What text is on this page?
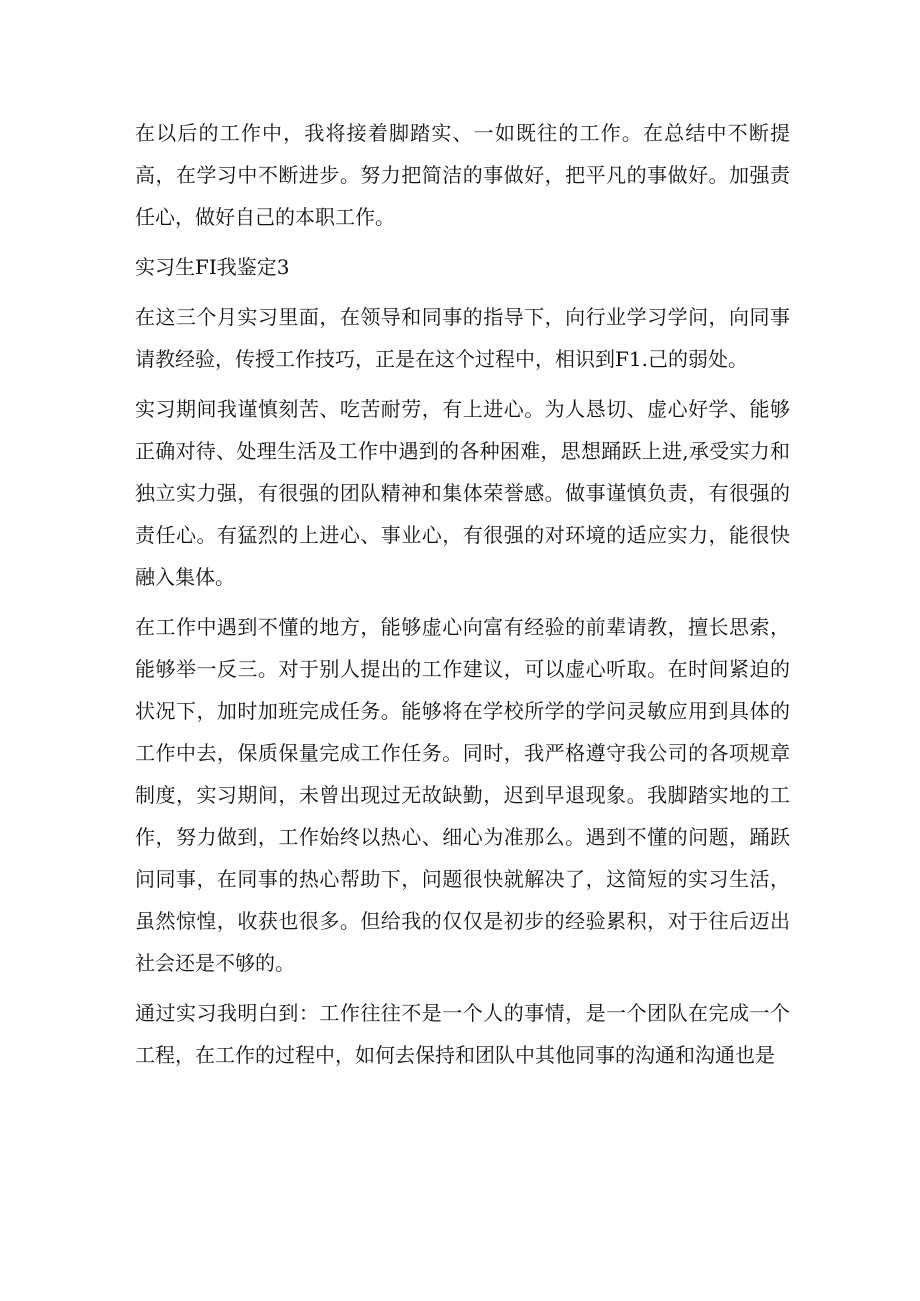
在以后的工作中，我将接着脚踏实、一如既往的工作。在总结中不断提高，在学习中不断进步。努力把简洁的事做好，把平凡的事做好。加强责任心，做好自己的本职工作。

实习生FI我鉴定3

在这三个月实习里面，在领导和同事的指导下，向行业学习学问，向同事请教经验，传授工作技巧，正是在这个过程中，相识到F1.己的弱处。

实习期间我谨慎刻苦、吃苦耐劳，有上进心。为人恳切、虚心好学、能够正确对待、处理生活及工作中遇到的各种困难，思想踊跃上进,承受实力和独立实力强，有很强的团队精神和集体荣誉感。做事谨慎负责，有很强的责任心。有猛烈的上进心、事业心，有很强的对环境的适应实力，能很快融入集体。

在工作中遇到不懂的地方，能够虚心向富有经验的前辈请教，擅长思索，能够举一反三。对于别人提出的工作建议，可以虚心听取。在时间紧迫的状况下，加时加班完成任务。能够将在学校所学的学问灵敏应用到具体的工作中去，保质保量完成工作任务。同时，我严格遵守我公司的各项规章制度，实习期间，未曾出现过无故缺勤，迟到早退现象。我脚踏实地的工作，努力做到，工作始终以热心、细心为准那么。遇到不懂的问题，踊跃问同事，在同事的热心帮助下，问题很快就解决了，这简短的实习生活，虽然惊惶，收获也很多。但给我的仅仅是初步的经验累积，对于往后迈出社会还是不够的。

通过实习我明白到：工作往往不是一个人的事情，是一个团队在完成一个工程，在工作的过程中，如何去保持和团队中其他同事的沟通和沟通也是
